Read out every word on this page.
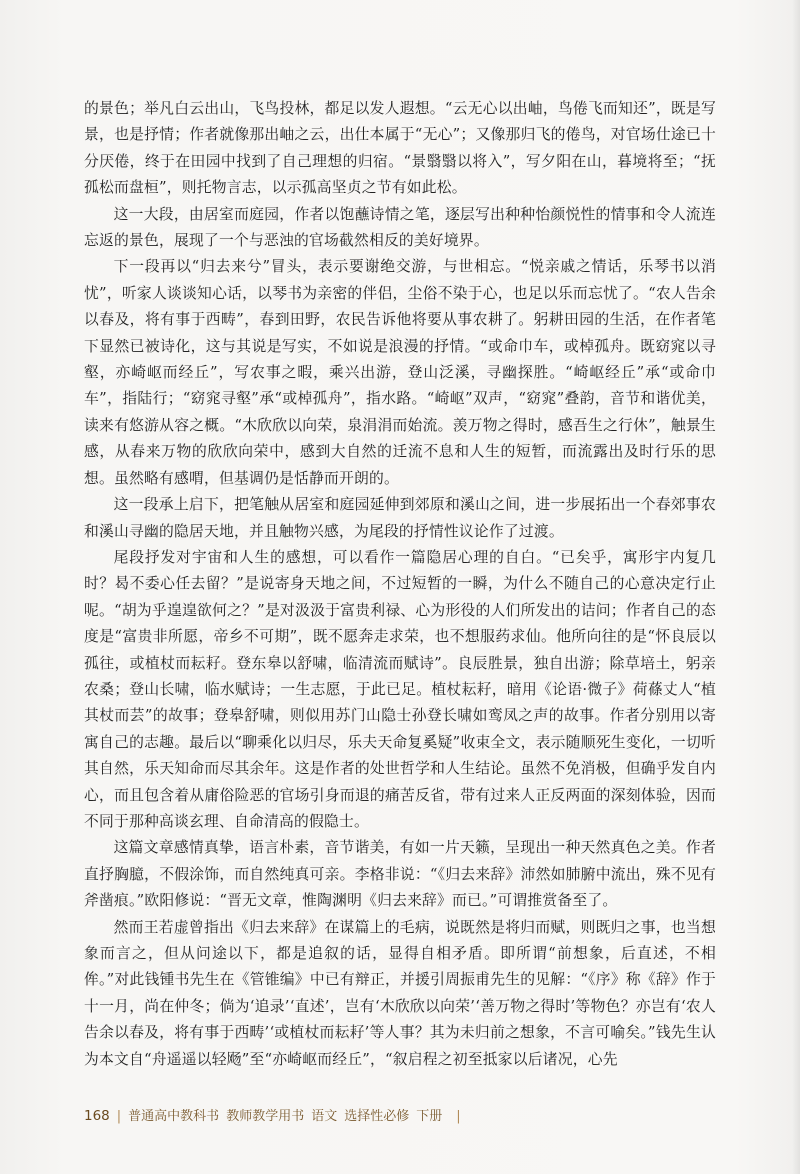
的景色；举凡白云出山，飞鸟投林，都足以发人遐想。“云无心以出岫，鸟倦飞而知还”，既是写景，也是抒情；作者就像那出岫之云，出仕本属于“无心”；又像那归飞的倦鸟，对官场仕途已十分厌倦，终于在田园中找到了自己理想的归宿。“景翳翳以将入”，写夕阳在山，暮境将至；“抚孤松而盘桓”，则托物言志，以示孤高坚贞之节有如此松。

这一大段，由居室而庭园，作者以饱蘸诗情之笔，逐层写出种种怡颜悦性的情事和令人流连忘返的景色，展现了一个与恶浊的官场截然相反的美好境界。

下一段再以“归去来兮”冒头，表示要谢绝交游，与世相忘。“悦亲戚之情话，乐琴书以消忧”，听家人谈谈知心话，以琴书为亲密的伴侣，尘俗不染于心，也足以乐而忘忧了。“农人告余以春及，将有事于西畴”，春到田野，农民告诉他将要从事农耕了。躬耕田园的生活，在作者笔下显然已被诗化，这与其说是写实，不如说是浪漫的抒情。“或命巾车，或棹孤舟。既窈窕以寻壑，亦崎岖而经丘”，写农事之暇，乘兴出游，登山泛溪，寻幽探胜。“崎岖经丘”承“或命巾车”，指陆行；“窈窕寻壑”承“或棹孤舟”，指水路。“崎岖”双声，“窈窕”叠韵，音节和谐优美，读来有悠游从容之概。“木欣欣以向荣，泉涓涓而始流。羡万物之得时，感吾生之行休”，触景生感，从春来万物的欣欣向荣中，感到大自然的迁流不息和人生的短暂，而流露出及时行乐的思想。虽然略有感喟，但基调仍是恬静而开朗的。

这一段承上启下，把笔触从居室和庭园延伸到郊原和溪山之间，进一步展拓出一个春郊事农和溪山寻幽的隐居天地，并且触物兴感，为尾段的抒情性议论作了过渡。

尾段抒发对宇宙和人生的感想，可以看作一篇隐居心理的自白。“已矣乎，寓形宇内复几时？曷不委心任去留？”是说寄身天地之间，不过短暂的一瞬，为什么不随自己的心意决定行止呢。“胡为乎遑遑欲何之？”是对汲汲于富贵利禄、心为形役的人们所发出的诘问；作者自己的态度是“富贵非所愿，帝乡不可期”，既不愿奔走求荣，也不想服药求仙。他所向往的是“怀良辰以孤往，或植杖而耘耔。登东皋以舒啸，临清流而赋诗”。良辰胜景，独自出游；除草培土，躬亲农桑；登山长啸，临水赋诗；一生志愿，于此已足。植杖耘耔，暗用《论语·微子》荷蓧丈人“植其杖而芸”的故事；登皋舒啸，则似用苏门山隐士孙登长啸如鸾凤之声的故事。作者分别用以寄寓自己的志趣。最后以“聊乘化以归尽，乐夫天命复奚疑”收束全文，表示随顺死生变化，一切听其自然，乐天知命而尽其余年。这是作者的处世哲学和人生结论。虽然不免消极，但确乎发自内心，而且包含着从庸俗险恶的官场引身而退的痛苦反省，带有过来人正反两面的深刻体验，因而不同于那种高谈玄理、自命清高的假隐士。

这篇文章感情真挚，语言朴素，音节谐美，有如一片天籁，呈现出一种天然真色之美。作者直抒胸臆，不假涂饰，而自然纯真可亲。李格非说：“《归去来辞》沛然如肺腑中流出，殊不见有斧凿痕。”欧阳修说：“晋无文章，惟陶渊明《归去来辞》而已。”可谓推赏备至了。

然而王若虚曾指出《归去来辞》在谋篇上的毛病，说既然是将归而赋，则既归之事，也当想象而言之，但从问途以下，都是追叙的话，显得自相矛盾。即所谓“前想象，后直述，不相侔。”对此钱锺书先生在《管锥编》中已有辩正，并援引周振甫先生的见解：“《序》称《辞》作于十一月，尚在仲冬；倘为‘追录’‘直述’，岂有‘木欣欣以向荣’‘善万物之得时’等物色？亦岂有‘农人告余以春及，将有事于西畴’‘或植杖而耘耔’等人事？其为未归前之想象，不言可喻矣。”钱先生认为本文自“舟遥遥以轻飏”至“亦崎岖而经丘”，“叙启程之初至抵家以后诸况，心先

168 | 普通高中教科书 教师教学用书 语文 选择性必修 下册 |
